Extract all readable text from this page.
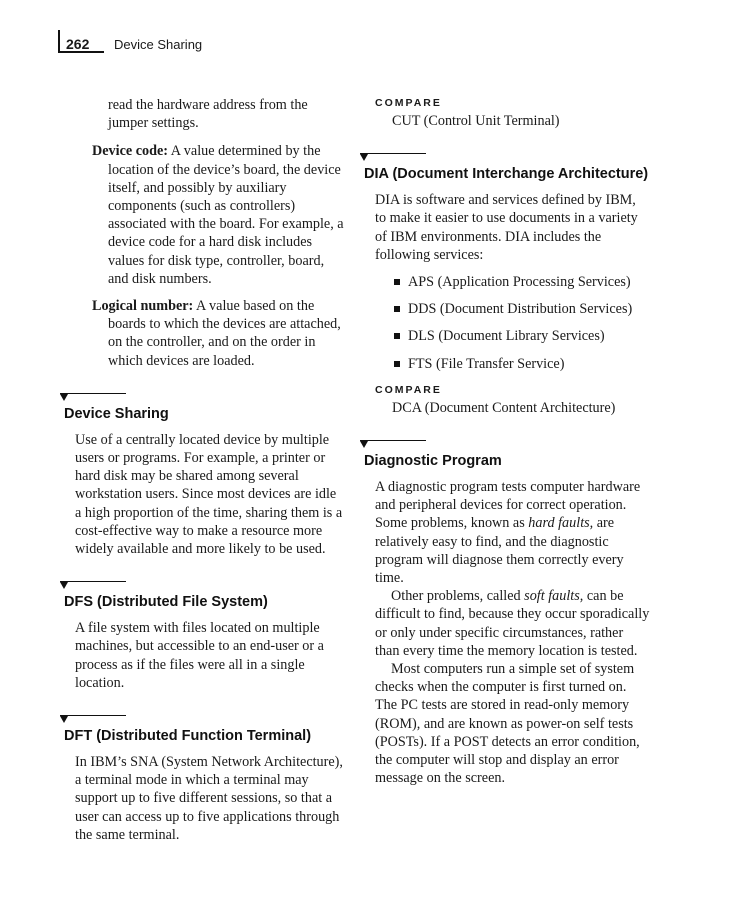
262 Device Sharing

read the hardware address from the jumper settings.

Device code: A value determined by the location of the device’s board, the device itself, and possibly by auxiliary components (such as controllers) associated with the board. For example, a device code for a hard disk includes values for disk type, controller, board, and disk numbers.

Logical number: A value based on the boards to which the devices are attached, on the controller, and on the order in which devices are loaded.

Device Sharing

Use of a centrally located device by multiple users or programs. For example, a printer or hard disk may be shared among several workstation users. Since most devices are idle a high proportion of the time, sharing them is a cost-effective way to make a resource more widely available and more likely to be used.

DFS (Distributed File System)

A file system with files located on multiple machines, but accessible to an end-user or a process as if the files were all in a single location.

DFT (Distributed Function Terminal)

In IBM’s SNA (System Network Architecture), a terminal mode in which a terminal may support up to five different sessions, so that a user can access up to five applications through the same terminal.

COMPARE

CUT (Control Unit Terminal)

DIA (Document Interchange Architecture)

DIA is software and services defined by IBM, to make it easier to use documents in a variety of IBM environments. DIA includes the following services:

APS (Application Processing Services)
DDS (Document Distribution Services)
DLS (Document Library Services)
FTS (File Transfer Service)
COMPARE

DCA (Document Content Architecture)

Diagnostic Program

A diagnostic program tests computer hardware and peripheral devices for correct operation. Some problems, known as hard faults, are relatively easy to find, and the diagnostic program will diagnose them correctly every time.

Other problems, called soft faults, can be difficult to find, because they occur sporadically or only under specific circumstances, rather than every time the memory location is tested.

Most computers run a simple set of system checks when the computer is first turned on. The PC tests are stored in read-only memory (ROM), and are known as power-on self tests (POSTs). If a POST detects an error condition, the computer will stop and display an error message on the screen.
